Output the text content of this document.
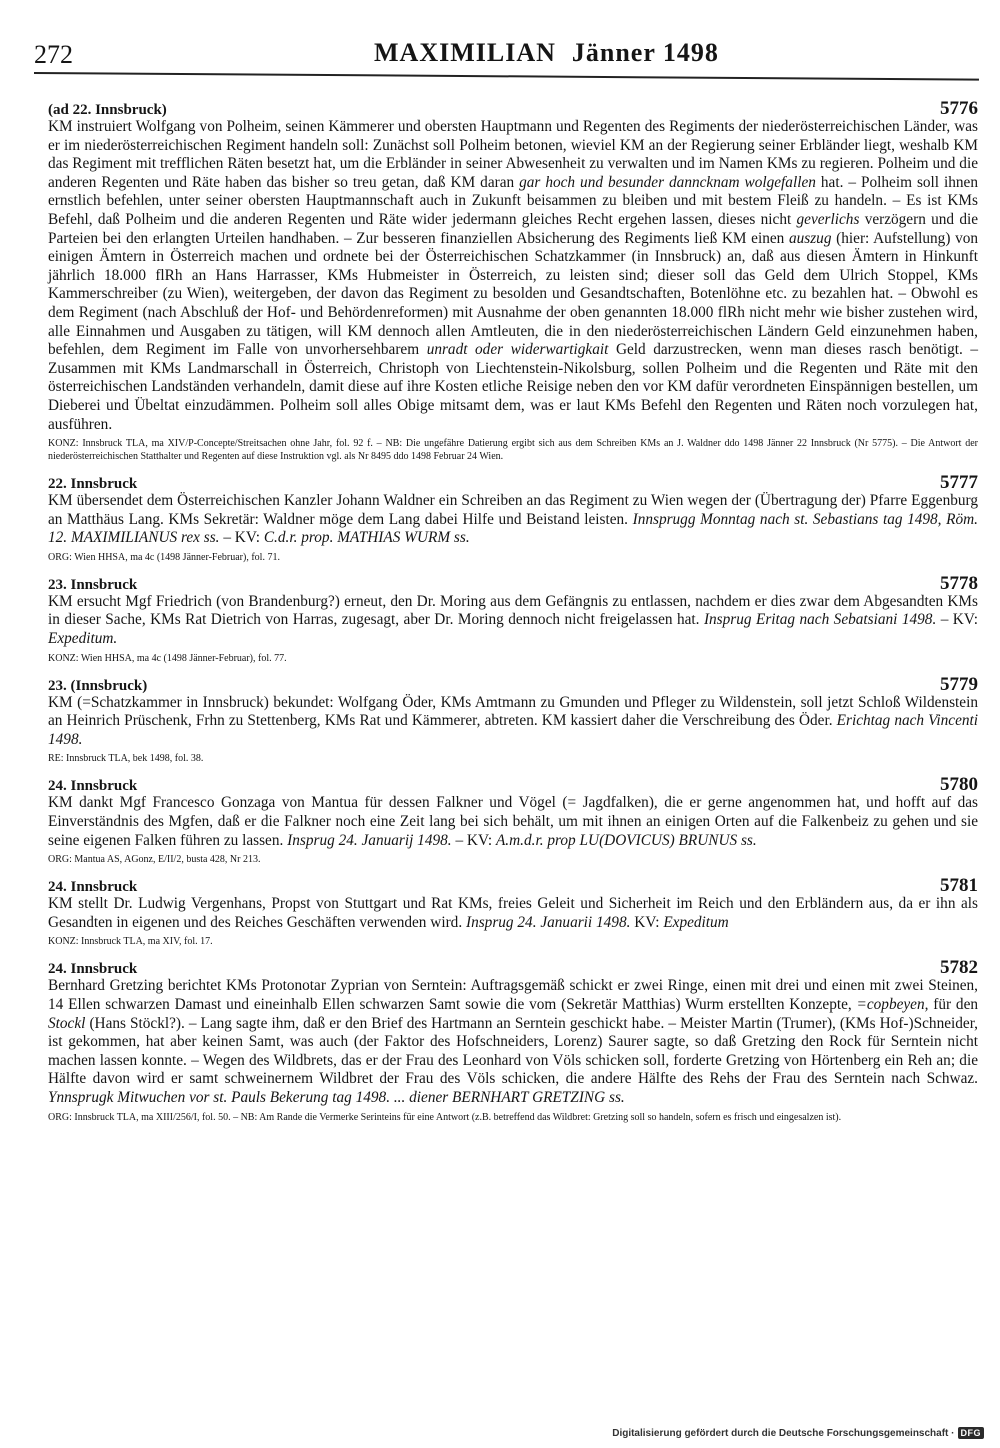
272	MAXIMILIAN Jänner 1498
(ad 22. Innsbruck)	5776

KM instruiert Wolfgang von Polheim, seinen Kämmerer und obersten Hauptmann und Regenten des Regiments der niederösterreichischen Länder, was er im niederösterreichischen Regiment handeln soll: Zunächst soll Polheim betonen, wieviel KM an der Regierung seiner Erbländer liegt, weshalb KM das Regiment mit trefflichen Räten besetzt hat, um die Erbländer in seiner Abwesenheit zu verwalten und im Namen KMs zu regieren. Polheim und die anderen Regenten und Räte haben das bisher so treu getan, daß KM daran gar hoch und besunder danncknam wolgefallen hat. – Polheim soll ihnen ernstlich befehlen, unter seiner obersten Hauptmannschaft auch in Zukunft beisammen zu bleiben und mit bestem Fleiß zu handeln. – Es ist KMs Befehl, daß Polheim und die anderen Regenten und Räte wider jedermann gleiches Recht ergehen lassen, dieses nicht geverlichs verzögern und die Parteien bei den erlangten Urteilen handhaben. – Zur besseren finanziellen Absicherung des Regiments ließ KM einen auszug (hier: Aufstellung) von einigen Ämtern in Österreich machen und ordnete bei der Österreichischen Schatzkammer (in Innsbruck) an, daß aus diesen Ämtern in Hinkunft jährlich 18.000 flRh an Hans Harrasser, KMs Hubmeister in Österreich, zu leisten sind; dieser soll das Geld dem Ulrich Stoppel, KMs Kammerschreiber (zu Wien), weitergeben, der davon das Regiment zu besolden und Gesandtschaften, Botenlöhne etc. zu bezahlen hat. – Obwohl es dem Regiment (nach Abschluß der Hof- und Behördenreformen) mit Ausnahme der oben genannten 18.000 flRh nicht mehr wie bisher zustehen wird, alle Einnahmen und Ausgaben zu tätigen, will KM dennoch allen Amtleuten, die in den niederösterreichischen Ländern Geld einzunehmen haben, befehlen, dem Regiment im Falle von unvorhersehbarem unradt oder widerwartigkait Geld darzustrecken, wenn man dieses rasch benötigt. – Zusammen mit KMs Landmarschall in Österreich, Christoph von Liechtenstein-Nikolsburg, sollen Polheim und die Regenten und Räte mit den österreichischen Landständen verhandeln, damit diese auf ihre Kosten etliche Reisige neben den vor KM dafür verordneten Einspännigen bestellen, um Dieberei und Übeltat einzudämmen. Polheim soll alles Obige mitsamt dem, was er laut KMs Befehl den Regenten und Räten noch vorzulegen hat, ausführen.

KONZ: Innsbruck TLA, ma XIV/P-Concepte/Streitsachen ohne Jahr, fol. 92 f. – NB: Die ungefähre Datierung ergibt sich aus dem Schreiben KMs an J. Waldner ddo 1498 Jänner 22 Innsbruck (Nr 5775). – Die Antwort der niederösterreichischen Statthalter und Regenten auf diese Instruktion vgl. als Nr 8495 ddo 1498 Februar 24 Wien.
22. Innsbruck	5777

KM übersendet dem Österreichischen Kanzler Johann Waldner ein Schreiben an das Regiment zu Wien wegen der (Übertragung der) Pfarre Eggenburg an Matthäus Lang. KMs Sekretär: Waldner möge dem Lang dabei Hilfe und Beistand leisten. Innsprugg Monntag nach st. Sebastians tag 1498, Röm. 12. MAXIMILIANUS rex ss. – KV: C.d.r. prop. MATHIAS WURM ss.

ORG: Wien HHSA, ma 4c (1498 Jänner-Februar), fol. 71.
23. Innsbruck	5778

KM ersucht Mgf Friedrich (von Brandenburg?) erneut, den Dr. Moring aus dem Gefängnis zu entlassen, nachdem er dies zwar dem Abgesandten KMs in dieser Sache, KMs Rat Dietrich von Harras, zugesagt, aber Dr. Moring dennoch nicht freigelassen hat. Insprug Eritag nach Sebatsiani 1498. – KV: Expeditum.

KONZ: Wien HHSA, ma 4c (1498 Jänner-Februar), fol. 77.
23. (Innsbruck)	5779

KM (=Schatzkammer in Innsbruck) bekundet: Wolfgang Öder, KMs Amtmann zu Gmunden und Pfleger zu Wildenstein, soll jetzt Schloß Wildenstein an Heinrich Prüschenk, Frhn zu Stettenberg, KMs Rat und Kämmerer, abtreten. KM kassiert daher die Verschreibung des Öder. Erichtag nach Vincenti 1498.

RE: Innsbruck TLA, bek 1498, fol. 38.
24. Innsbruck	5780

KM dankt Mgf Francesco Gonzaga von Mantua für dessen Falkner und Vögel (= Jagdfalken), die er gerne angenommen hat, und hofft auf das Einverständnis des Mgfen, daß er die Falkner noch eine Zeit lang bei sich behält, um mit ihnen an einigen Orten auf die Falkenbeiz zu gehen und sie seine eigenen Falken führen zu lassen. Insprug 24. Januarij 1498. – KV: A.m.d.r. prop LU(DOVICUS) BRUNUS ss.

ORG: Mantua AS, AGonz, E/II/2, busta 428, Nr 213.
24. Innsbruck	5781

KM stellt Dr. Ludwig Vergenhans, Propst von Stuttgart und Rat KMs, freies Geleit und Sicherheit im Reich und den Erbländern aus, da er ihn als Gesandten in eigenen und des Reiches Geschäften verwenden wird. Insprug 24. Januarii 1498. KV: Expeditum

KONZ: Innsbruck TLA, ma XIV, fol. 17.
24. Innsbruck	5782

Bernhard Gretzing berichtet KMs Protonotar Zyprian von Serntein: Auftragsgemäß schickt er zwei Ringe, einen mit drei und einen mit zwei Steinen, 14 Ellen schwarzen Damast und eineinhalb Ellen schwarzen Samt sowie die vom (Sekretär Matthias) Wurm erstellten Konzepte, =copbeyen, für den Stockl (Hans Stöckl?). – Lang sagte ihm, daß er den Brief des Hartmann an Serntein geschickt habe. – Meister Martin (Trumer), (KMs Hof-)Schneider, ist gekommen, hat aber keinen Samt, was auch (der Faktor des Hofschneiders, Lorenz) Saurer sagte, so daß Gretzing den Rock für Serntein nicht machen lassen konnte. – Wegen des Wildbrets, das er der Frau des Leonhard von Völs schicken soll, forderte Gretzing von Hörtenberg ein Reh an; die Hälfte davon wird er samt schweinernem Wildbret der Frau des Völs schicken, die andere Hälfte des Rehs der Frau des Serntein nach Schwaz. Ynnsprugk Mitwuchen vor st. Pauls Bekerung tag 1498. ... diener BERNHART GRETZING ss.

ORG: Innsbruck TLA, ma XIII/256/I, fol. 50. – NB: Am Rande die Vermerke Serinteins für eine Antwort (z.B. betreffend das Wildbret: Gretzing soll so handeln, sofern es frisch und eingesalzen ist).
Digitalisierung gefördert durch die Deutsche Forschungsgemeinschaft · DFG
